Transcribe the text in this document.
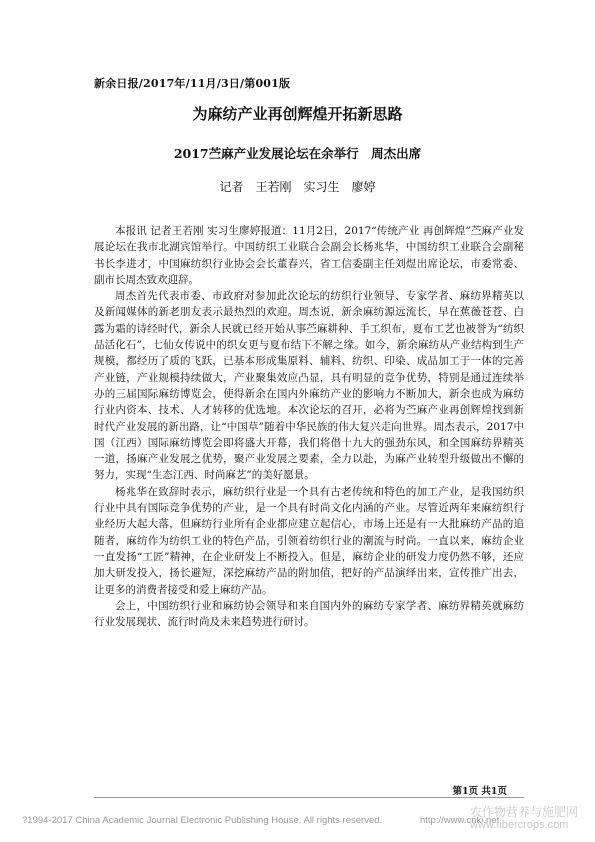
新余日报/2017年/11月/3日/第001版
为麻纺产业再创辉煌开拓新思路
2017苎麻产业发展论坛在余举行　周杰出席
记者　王若刚　实习生　廖婷

本报讯 记者王若刚 实习生廖婷报道：11月2日，2017“传统产业 再创辉煌”苎麻产业发展论坛在我市北湖宾馆举行。中国纺织工业联合会副会长杨兆华，中国纺织工业联合会副秘书长李进才，中国麻纺织行业协会会长董春兴，省工信委副主任刘煜出席论坛，市委常委、副市长周杰致欢迎辞。

周杰首先代表市委、市政府对参加此次论坛的纺织行业领导、专家学者、麻纺界精英以及新闻媒体的新老朋友表示最热烈的欢迎。周杰说，新余麻纺源远流长，早在蕉薇苍苍、白露为霜的诗经时代，新余人民就已经开始从事苎麻耕种、手工织布，夏布工艺也被誉为“纺织品活化石”，七仙女传说中的织女更与夏布结下不解之缘。如今，新余麻纺从产业结构到生产规模，都经历了质的飞跃，已基本形成集原料、辅料、纺织、印染、成品加工于一体的完善产业链，产业规模持续做大，产业聚集效应凸显，具有明显的竞争优势，特别是通过连续举办的三届国际麻纺博览会，使得新余在国内外麻纺产业的影响力不断加大，新余也成为麻纺行业内资本、技术、人才转移的优选地。本次论坛的召开，必将为苎麻产业再创辉煌找到新时代产业发展的新出路，让“中国草”随着中华民族的伟大复兴走向世界。周杰表示，2017中国（江西）国际麻纺博览会即将盛大开幕，我们将借十九大的强劲东风，和全国麻纺界精英一道，扬麻产业发展之优势，聚产业发展之要素，全力以赴，为麻产业转型升级做出不懈的努力，实现“生态江西、时尚麻艺”的美好愿景。

杨兆华在致辞时表示，麻纺织行业是一个具有古老传统和特色的加工产业，是我国纺织行业中具有国际竞争优势的产业，是一个具有时尚文化内涵的产业。尽管近两年来麻纺织行业经历大起大落，但麻纺行业所有企业都应建立起信心，市场上还是有一大批麻纺产品的追随者，麻纺作为纺织工业的特色产品，引领着纺织行业的潮流与时尚。一直以来，麻纺企业一直发扬“工匠”精神，在企业研发上不断投入。但是，麻纺企业的研发力度仍然不够，还应加大研发投入，扬长避短，深挖麻纺产品的附加值，把好的产品演绎出来，宣传推广出去，让更多的消费者接受和爱上麻纺产品。

会上，中国纺织行业和麻纺协会领导和来自国内外的麻纺专家学者、麻纺界精英就麻纺行业发展现状、流行时尚及未来趋势进行研讨。

第1页 共1页
?1994-2017 China Academic Journal Electronic Publishing House. All rights reserved.	http://www.cnki.net
农作物营养与施肥网
www.fibercrops.com
